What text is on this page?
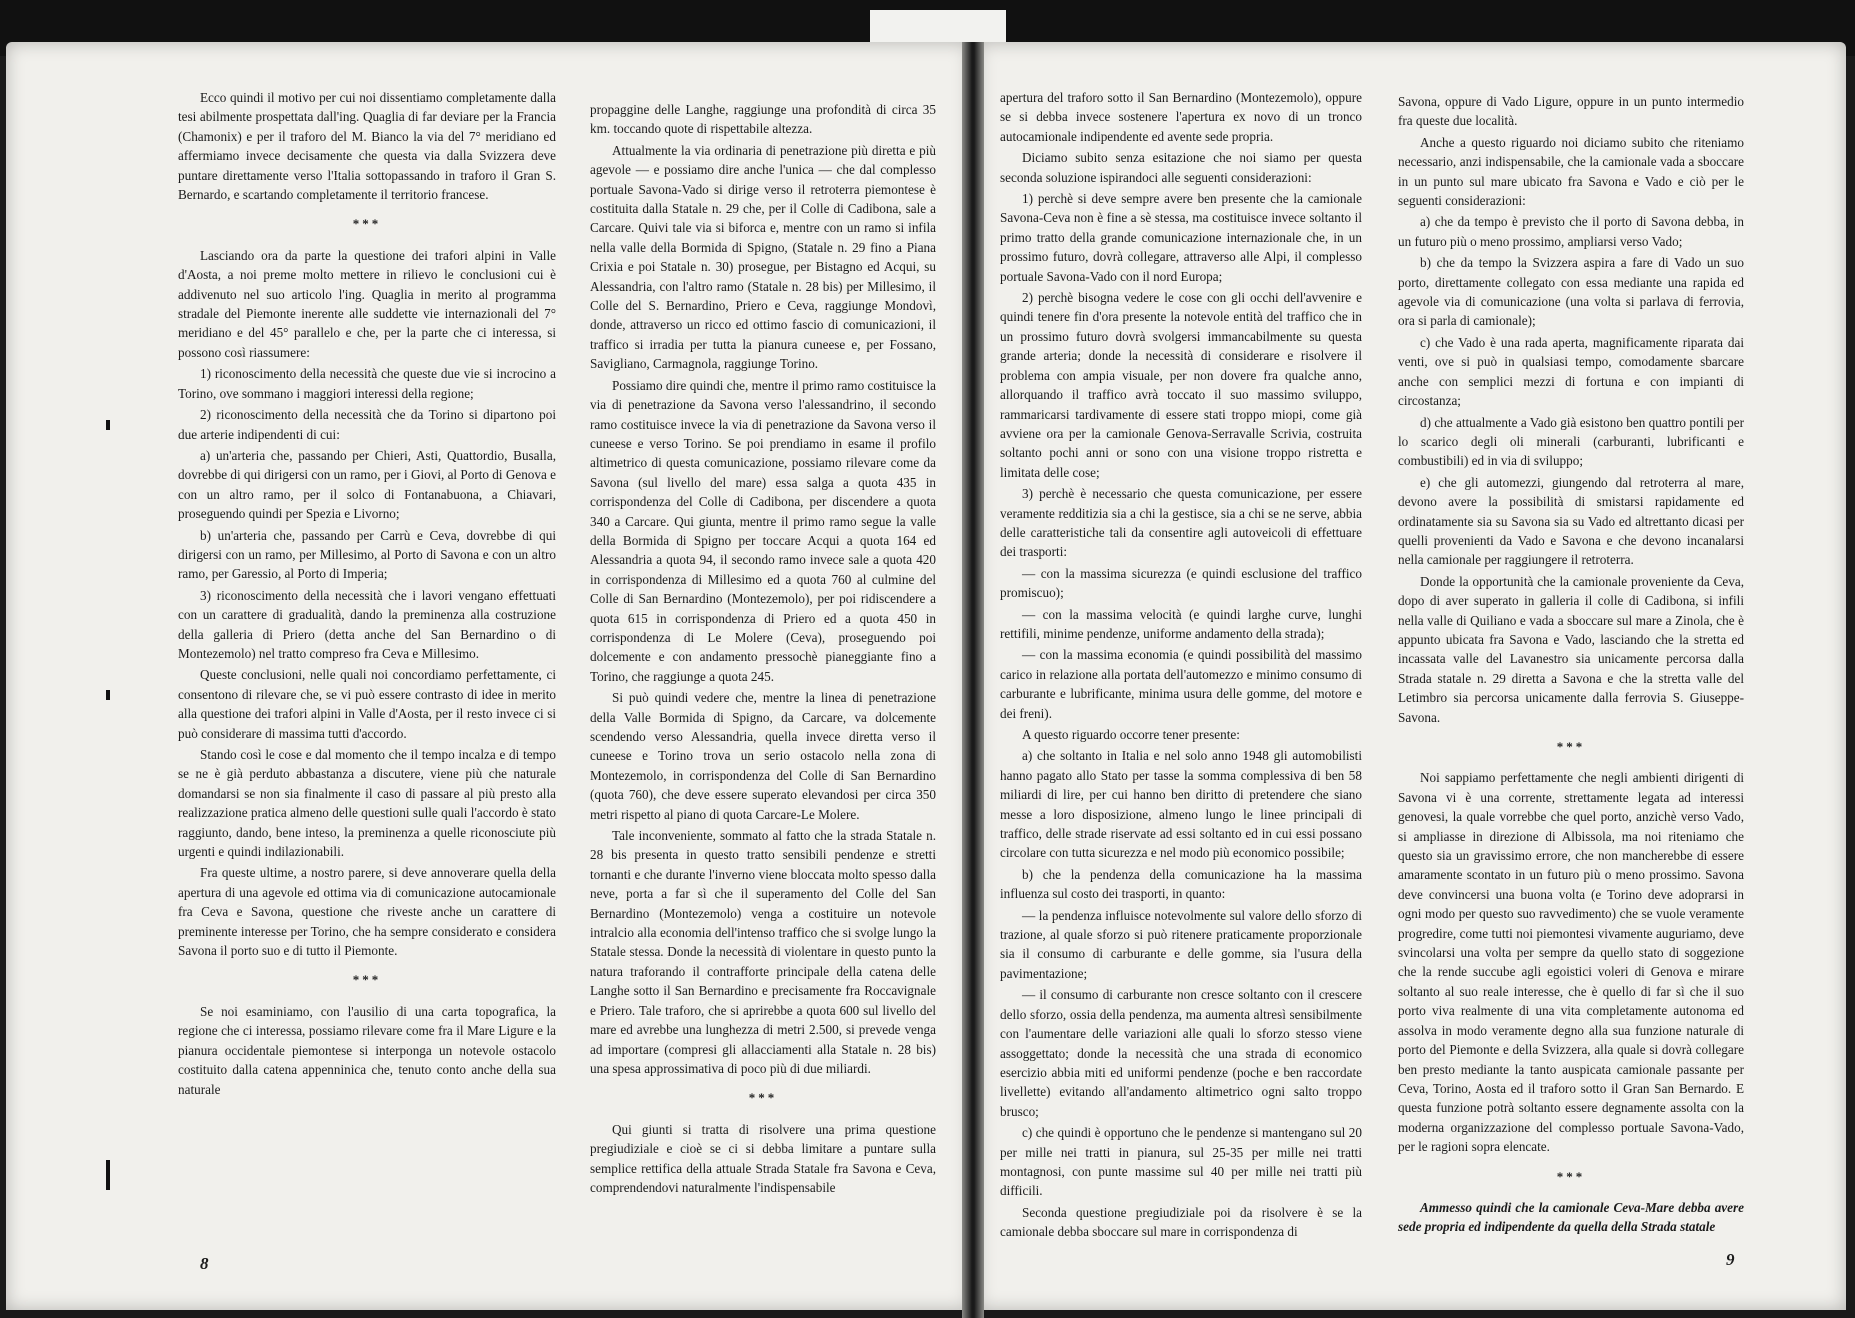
Ecco quindi il motivo per cui noi dissentiamo completamente dalla tesi abilmente prospettata dall'ing. Quaglia di far deviare per la Francia (Chamonix) e per il traforo del M. Bianco la via del 7° meridiano ed affermiamo invece decisamente che questa via dalla Svizzera deve puntare direttamente verso l'Italia sottopassando in traforo il Gran S. Bernardo, e scartando completamente il territorio francese.

***

Lasciando ora da parte la questione dei trafori alpini in Valle d'Aosta, a noi preme molto mettere in rilievo le conclusioni cui è addivenuto nel suo articolo l'ing. Quaglia in merito al programma stradale del Piemonte inerente alle suddette vie internazionali del 7° meridiano e del 45° parallelo e che, per la parte che ci interessa, si possono così riassumere:

1) riconoscimento della necessità che queste due vie si incrocino a Torino, ove sommano i maggiori interessi della regione;

2) riconoscimento della necessità che da Torino si dipartono poi due arterie indipendenti di cui:

a) un'arteria che, passando per Chieri, Asti, Quattordio, Busalla, dovrebbe di qui dirigersi con un ramo, per i Giovi, al Porto di Genova e con un altro ramo, per il solco di Fontanabuona, a Chiavari, proseguendo quindi per Spezia e Livorno;

b) un'arteria che, passando per Carrù e Ceva, dovrebbe di qui dirigersi con un ramo, per Millesimo, al Porto di Savona e con un altro ramo, per Garessio, al Porto di Imperia;

3) riconoscimento della necessità che i lavori vengano effettuati con un carattere di gradualità, dando la preminenza alla costruzione della galleria di Priero (detta anche del San Bernardino o di Montezemolo) nel tratto compreso fra Ceva e Millesimo.

Queste conclusioni, nelle quali noi concordiamo perfettamente, ci consentono di rilevare che, se vi può essere contrasto di idee in merito alla questione dei trafori alpini in Valle d'Aosta, per il resto invece ci si può considerare di massima tutti d'accordo.

Stando così le cose e dal momento che il tempo incalza e di tempo se ne è già perduto abbastanza a discutere, viene più che naturale domandarsi se non sia finalmente il caso di passare al più presto alla realizzazione pratica almeno delle questioni sulle quali l'accordo è stato raggiunto, dando, bene inteso, la preminenza a quelle riconosciute più urgenti e quindi indilazionabili.

Fra queste ultime, a nostro parere, si deve annoverare quella della apertura di una agevole ed ottima via di comunicazione autocamionale fra Ceva e Savona, questione che riveste anche un carattere di preminente interesse per Torino, che ha sempre considerato e considera Savona il porto suo e di tutto il Piemonte.

***

Se noi esaminiamo, con l'ausilio di una carta topografica, la regione che ci interessa, possiamo rilevare come fra il Mare Ligure e la pianura occidentale piemontese si interponga un notevole ostacolo costituito dalla catena appenninica che, tenuto conto anche della sua naturale

propaggine delle Langhe, raggiunge una profondità di circa 35 km. toccando quote di rispettabile altezza.

Attualmente la via ordinaria di penetrazione più diretta e più agevole — e possiamo dire anche l'unica — che dal complesso portuale Savona-Vado si dirige verso il retroterra piemontese è costituita dalla Statale n. 29 che, per il Colle di Cadibona, sale a Carcare. Quivi tale via si biforca e, mentre con un ramo si infila nella valle della Bormida di Spigno, (Statale n. 29 fino a Piana Crixia e poi Statale n. 30) prosegue, per Bistagno ed Acqui, su Alessandria, con l'altro ramo (Statale n. 28 bis) per Millesimo, il Colle del S. Bernardino, Priero e Ceva, raggiunge Mondovì, donde, attraverso un ricco ed ottimo fascio di comunicazioni, il traffico si irradia per tutta la pianura cuneese e, per Fossano, Savigliano, Carmagnola, raggiunge Torino.

Possiamo dire quindi che, mentre il primo ramo costituisce la via di penetrazione da Savona verso l'alessandrino, il secondo ramo costituisce invece la via di penetrazione da Savona verso il cuneese e verso Torino. Se poi prendiamo in esame il profilo altimetrico di questa comunicazione, possiamo rilevare come da Savona (sul livello del mare) essa salga a quota 435 in corrispondenza del Colle di Cadibona, per discendere a quota 340 a Carcare. Qui giunta, mentre il primo ramo segue la valle della Bormida di Spigno per toccare Acqui a quota 164 ed Alessandria a quota 94, il secondo ramo invece sale a quota 420 in corrispondenza di Millesimo ed a quota 760 al culmine del Colle di San Bernardino (Montezemolo), per poi ridiscendere a quota 615 in corrispondenza di Priero ed a quota 450 in corrispondenza di Le Molere (Ceva), proseguendo poi dolcemente e con andamento pressochè pianeggiante fino a Torino, che raggiunge a quota 245.

Si può quindi vedere che, mentre la linea di penetrazione della Valle Bormida di Spigno, da Carcare, va dolcemente scendendo verso Alessandria, quella invece diretta verso il cuneese e Torino trova un serio ostacolo nella zona di Montezemolo, in corrispondenza del Colle di San Bernardino (quota 760), che deve essere superato elevandosi per circa 350 metri rispetto al piano di quota Carcare-Le Molere.

Tale inconveniente, sommato al fatto che la strada Statale n. 28 bis presenta in questo tratto sensibili pendenze e stretti tornanti e che durante l'inverno viene bloccata molto spesso dalla neve, porta a far sì che il superamento del Colle del San Bernardino (Montezemolo) venga a costituire un notevole intralcio alla economia dell'intenso traffico che si svolge lungo la Statale stessa. Donde la necessità di violentare in questo punto la natura traforando il contrafforte principale della catena delle Langhe sotto il San Bernardino e precisamente fra Roccavignale e Priero. Tale traforo, che si aprirebbe a quota 600 sul livello del mare ed avrebbe una lunghezza di metri 2.500, si prevede venga ad importare (compresi gli allacciamenti alla Statale n. 28 bis) una spesa approssimativa di poco più di due miliardi.

***

Qui giunti si tratta di risolvere una prima questione pregiudiziale e cioè se ci si debba limitare a puntare sulla semplice rettifica della attuale Strada Statale fra Savona e Ceva, comprendendovi naturalmente l'indispensabile

apertura del traforo sotto il San Bernardino (Montezemolo), oppure se si debba invece sostenere l'apertura ex novo di un tronco autocamionale indipendente ed avente sede propria.

Diciamo subito senza esitazione che noi siamo per questa seconda soluzione ispirandoci alle seguenti considerazioni:

1) perchè si deve sempre avere ben presente che la camionale Savona-Ceva non è fine a sè stessa, ma costituisce invece soltanto il primo tratto della grande comunicazione internazionale che, in un prossimo futuro, dovrà collegare, attraverso alle Alpi, il complesso portuale Savona-Vado con il nord Europa;

2) perchè bisogna vedere le cose con gli occhi dell'avvenire e quindi tenere fin d'ora presente la notevole entità del traffico che in un prossimo futuro dovrà svolgersi immancabilmente su questa grande arteria; donde la necessità di considerare e risolvere il problema con ampia visuale, per non dovere fra qualche anno, allorquando il traffico avrà toccato il suo massimo sviluppo, rammaricarsi tardivamente di essere stati troppo miopi, come già avviene ora per la camionale Genova-Serravalle Scrivia, costruita soltanto pochi anni or sono con una visione troppo ristretta e limitata delle cose;

3) perchè è necessario che questa comunicazione, per essere veramente redditizia sia a chi la gestisce, sia a chi se ne serve, abbia delle caratteristiche tali da consentire agli autoveicoli di effettuare dei trasporti:

— con la massima sicurezza (e quindi esclusione del traffico promiscuo);

— con la massima velocità (e quindi larghe curve, lunghi rettifili, minime pendenze, uniforme andamento della strada);

— con la massima economia (e quindi possibilità del massimo carico in relazione alla portata dell'automezzo e minimo consumo di carburante e lubrificante, minima usura delle gomme, del motore e dei freni).

A questo riguardo occorre tener presente:

a) che soltanto in Italia e nel solo anno 1948 gli automobilisti hanno pagato allo Stato per tasse la somma complessiva di ben 58 miliardi di lire, per cui hanno ben diritto di pretendere che siano messe a loro disposizione, almeno lungo le linee principali di traffico, delle strade riservate ad essi soltanto ed in cui essi possano circolare con tutta sicurezza e nel modo più economico possibile;

b) che la pendenza della comunicazione ha la massima influenza sul costo dei trasporti, in quanto:

— la pendenza influisce notevolmente sul valore dello sforzo di trazione, al quale sforzo si può ritenere praticamente proporzionale sia il consumo di carburante e delle gomme, sia l'usura della pavimentazione;

— il consumo di carburante non cresce soltanto con il crescere dello sforzo, ossia della pendenza, ma aumenta altresì sensibilmente con l'aumentare delle variazioni alle quali lo sforzo stesso viene assoggettato; donde la necessità che una strada di economico esercizio abbia miti ed uniformi pendenze (poche e ben raccordate livellette) evitando all'andamento altimetrico ogni salto troppo brusco;

c) che quindi è opportuno che le pendenze si mantengano sul 20 per mille nei tratti in pianura, sul 25-35 per mille nei tratti montagnosi, con punte massime sul 40 per mille nei tratti più difficili.

Seconda questione pregiudiziale poi da risolvere è se la camionale debba sboccare sul mare in corrispondenza di

Savona, oppure di Vado Ligure, oppure in un punto intermedio fra queste due località.

Anche a questo riguardo noi diciamo subito che riteniamo necessario, anzi indispensabile, che la camionale vada a sboccare in un punto sul mare ubicato fra Savona e Vado e ciò per le seguenti considerazioni:

a) che da tempo è previsto che il porto di Savona debba, in un futuro più o meno prossimo, ampliarsi verso Vado;

b) che da tempo la Svizzera aspira a fare di Vado un suo porto, direttamente collegato con essa mediante una rapida ed agevole via di comunicazione (una volta si parlava di ferrovia, ora si parla di camionale);

c) che Vado è una rada aperta, magnificamente riparata dai venti, ove si può in qualsiasi tempo, comodamente sbarcare anche con semplici mezzi di fortuna e con impianti di circostanza;

d) che attualmente a Vado già esistono ben quattro pontili per lo scarico degli oli minerali (carburanti, lubrificanti e combustibili) ed in via di sviluppo;

e) che gli automezzi, giungendo dal retroterra al mare, devono avere la possibilità di smistarsi rapidamente ed ordinatamente sia su Savona sia su Vado ed altrettanto dicasi per quelli provenienti da Vado e Savona e che devono incanalarsi nella camionale per raggiungere il retroterra.

Donde la opportunità che la camionale proveniente da Ceva, dopo di aver superato in galleria il colle di Cadibona, si infili nella valle di Quiliano e vada a sboccare sul mare a Zinola, che è appunto ubicata fra Savona e Vado, lasciando che la stretta ed incassata valle del Lavanestro sia unicamente percorsa dalla Strada statale n. 29 diretta a Savona e che la stretta valle del Letimbro sia percorsa unicamente dalla ferrovia S. Giuseppe-Savona.

***

Noi sappiamo perfettamente che negli ambienti dirigenti di Savona vi è una corrente, strettamente legata ad interessi genovesi, la quale vorrebbe che quel porto, anzichè verso Vado, si ampliasse in direzione di Albissola, ma noi riteniamo che questo sia un gravissimo errore, che non mancherebbe di essere amaramente scontato in un futuro più o meno prossimo. Savona deve convincersi una buona volta (e Torino deve adoprarsi in ogni modo per questo suo ravvedimento) che se vuole veramente progredire, come tutti noi piemontesi vivamente auguriamo, deve svincolarsi una volta per sempre da quello stato di soggezione che la rende succube agli egoistici voleri di Genova e mirare soltanto al suo reale interesse, che è quello di far sì che il suo porto viva realmente di una vita completamente autonoma ed assolva in modo veramente degno alla sua funzione naturale di porto del Piemonte e della Svizzera, alla quale si dovrà collegare ben presto mediante la tanto auspicata camionale passante per Ceva, Torino, Aosta ed il traforo sotto il Gran San Bernardo. E questa funzione potrà soltanto essere degnamente assolta con la moderna organizzazione del complesso portuale Savona-Vado, per le ragioni sopra elencate.

***

Ammesso quindi che la camionale Ceva-Mare debba avere sede propria ed indipendente da quella della Strada statale

8	9
